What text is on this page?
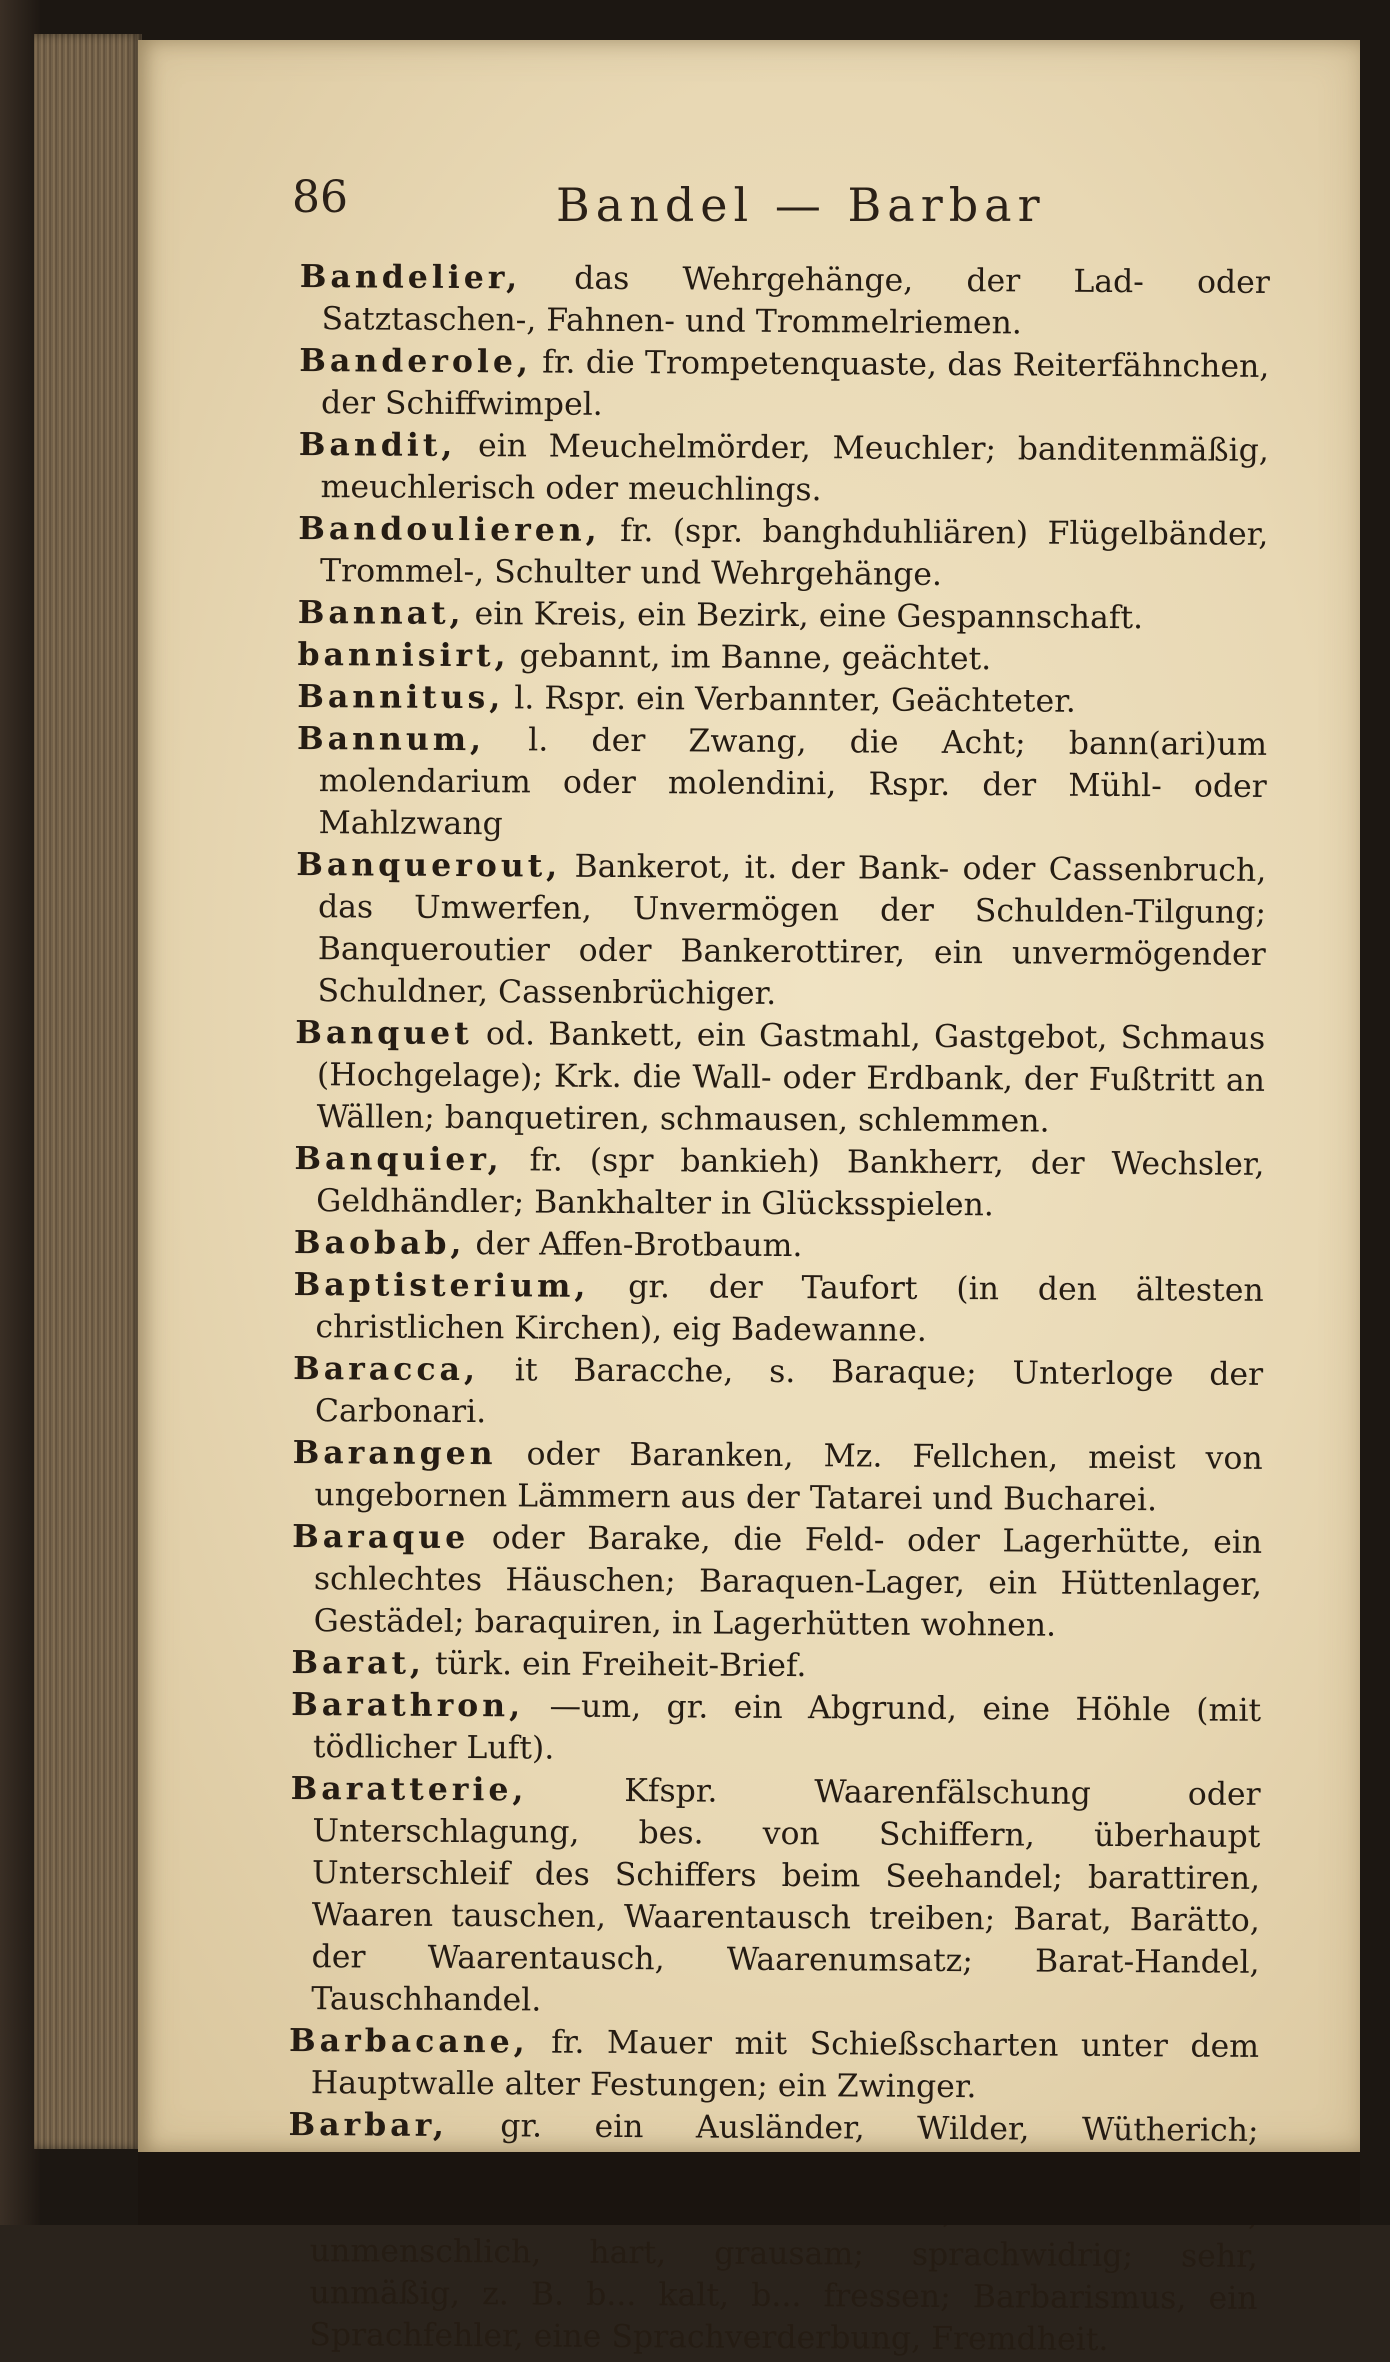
86	Bandel — Barbar

Bandelier, das Wehrgehänge, der Lad- oder Satztaschen-, Fahnen- und Trommelriemen.

Banderole, fr. die Trompetenquaste, das Reiterfähnchen, der Schiffwimpel.

Bandit, ein Meuchelmörder, Meuchler; banditenmäßig, meuchlerisch oder meuchlings.

Bandoulieren, fr. (spr. banghduhliären) Flügelbänder, Trommel-, Schulter und Wehrgehänge.

Bannat, ein Kreis, ein Bezirk, eine Gespannschaft.

bannisirt, gebannt, im Banne, geächtet.

Bannitus, l. Rspr. ein Verbannter, Geächteter.

Bannum, l. der Zwang, die Acht; bann(ari)um molendarium oder molendini, Rspr. der Mühl- oder Mahlzwang

Banquerout, Bankerot, it. der Bank- oder Cassenbruch, das Umwerfen, Unvermögen der Schulden-Tilgung; Banqueroutier oder Bankerottirer, ein unvermögender Schuldner, Cassenbrüchiger.

Banquet od. Bankett, ein Gastmahl, Gastgebot, Schmaus (Hochgelage); Krk. die Wall- oder Erdbank, der Fußtritt an Wällen; banquetiren, schmausen, schlemmen.

Banquier, fr. (spr bankieh) Bankherr, der Wechsler, Geldhändler; Bankhalter in Glücksspielen.

Baobab, der Affen-Brotbaum.

Baptisterium, gr. der Taufort (in den ältesten christlichen Kirchen), eig Badewanne.

Baracca, it Baracche, s. Baraque; Unterloge der Carbonari.

Barangen oder Baranken, Mz. Fellchen, meist von ungebornen Lämmern aus der Tatarei und Bucharei.

Baraque oder Barake, die Feld- oder Lagerhütte, ein schlechtes Häuschen; Baraquen-Lager, ein Hüttenlager, Gestädel; baraquiren, in Lagerhütten wohnen.

Barat, türk. ein Freiheit-Brief.

Barathron, —um, gr. ein Abgrund, eine Höhle (mit tödlicher Luft).

Baratterie, Kfspr. Waarenfälschung oder Unterschlagung, bes. von Schiffern, überhaupt Unterschleif des Schiffers beim Seehandel; barattiren, Waaren tauschen, Waarentausch treiben; Barat, Barätto, der Waarentausch, Waarenumsatz; Barat-Handel, Tauschhandel.

Barbacane, fr. Mauer mit Schießscharten unter dem Hauptwalle alter Festungen; ein Zwinger.

Barbar, gr. ein Ausländer, Wilder, Wütherich; unmenschlich, hart, grausam; sprachwidrig; sehr, unmäßig, z. B. b... kalt, b... fressen; Barbarismus, ein Sprachfehler, eine Sprachverderbung, Fremdheit.
